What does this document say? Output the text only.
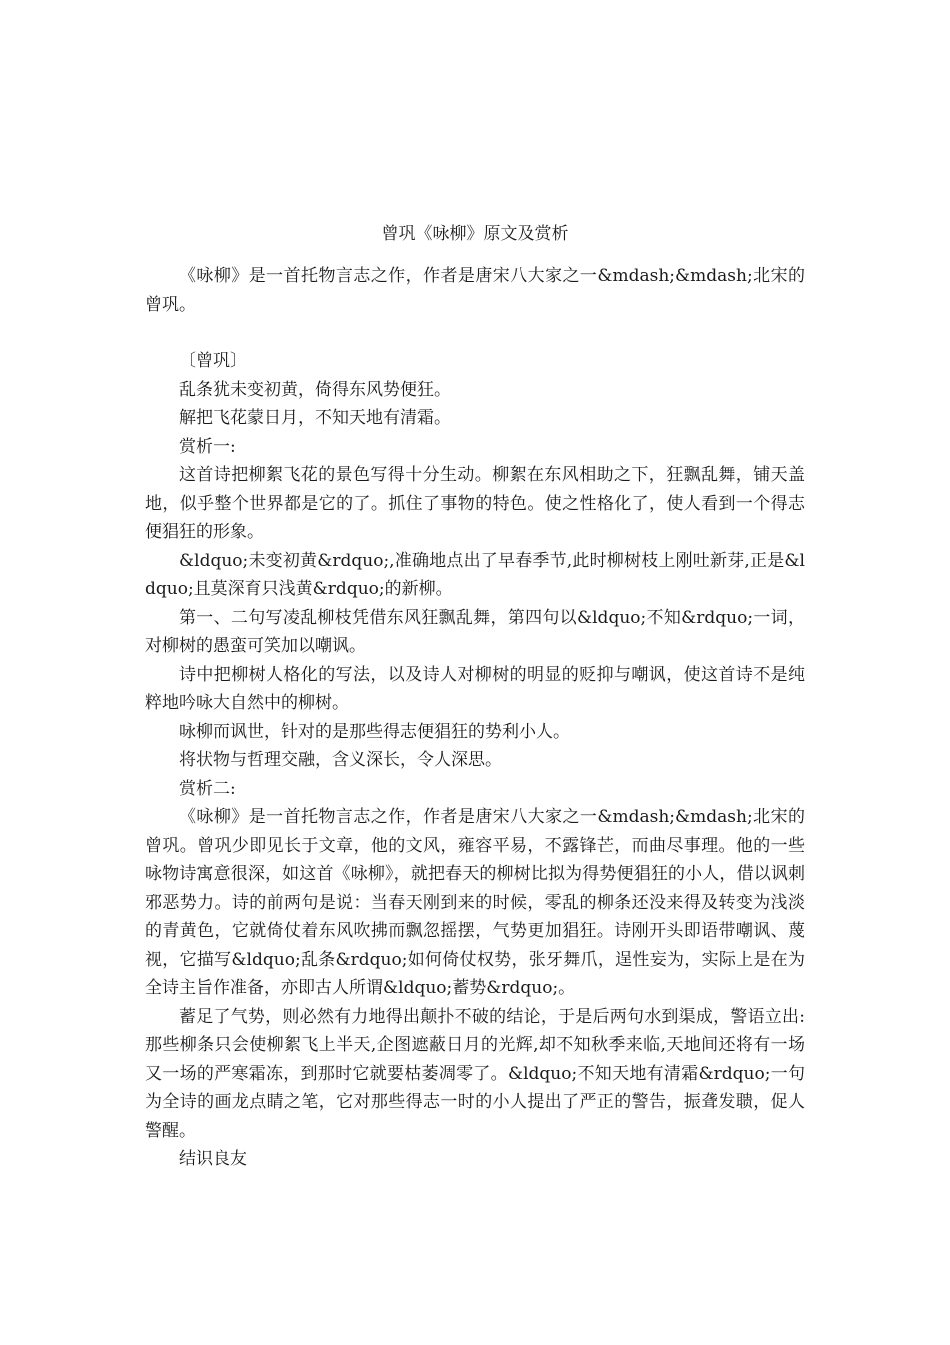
曾巩《咏柳》原文及赏析

《咏柳》是一首托物言志之作，作者是唐宋八大家之一&mdash;&mdash;北宋的曾巩。

〔曾巩〕

乱条犹未变初黄，倚得东风势便狂。

解把飞花蒙日月，不知天地有清霜。

赏析一:

这首诗把柳絮飞花的景色写得十分生动。柳絮在东风相助之下，狂飘乱舞，铺天盖地，似乎整个世界都是它的了。抓住了事物的特色。使之性格化了，使人看到一个得志便猖狂的形象。

&ldquo;未变初黄&rdquo;,准确地点出了早春季节,此时柳树枝上刚吐新芽,正是&ldquo;且莫深育只浅黄&rdquo;的新柳。

第一、二句写凌乱柳枝凭借东风狂飘乱舞，第四句以&ldquo;不知&rdquo;一词，对柳树的愚蛮可笑加以嘲讽。

诗中把柳树人格化的写法，以及诗人对柳树的明显的贬抑与嘲讽，使这首诗不是纯粹地吟咏大自然中的柳树。

咏柳而讽世，针对的是那些得志便猖狂的势利小人。

将状物与哲理交融，含义深长，令人深思。

赏析二:

《咏柳》是一首托物言志之作，作者是唐宋八大家之一&mdash;&mdash;北宋的曾巩。曾巩少即见长于文章，他的文风，雍容平易，不露锋芒，而曲尽事理。他的一些咏物诗寓意很深，如这首《咏柳》，就把春天的柳树比拟为得势便猖狂的小人，借以讽刺邪恶势力。诗的前两句是说：当春天刚到来的时候，零乱的柳条还没来得及转变为浅淡的青黄色，它就倚仗着东风吹拂而飘忽摇摆，气势更加猖狂。诗刚开头即语带嘲讽、蔑视，它描写&ldquo;乱条&rdquo;如何倚仗权势，张牙舞爪，逞性妄为，实际上是在为全诗主旨作准备，亦即古人所谓&ldquo;蓄势&rdquo;。

蓄足了气势，则必然有力地得出颠扑不破的结论，于是后两句水到渠成，警语立出:那些柳条只会使柳絮飞上半天,企图遮蔽日月的光辉,却不知秋季来临,天地间还将有一场又一场的严寒霜冻，到那时它就要枯萎凋零了。&ldquo;不知天地有清霜&rdquo;一句为全诗的画龙点睛之笔，它对那些得志一时的小人提出了严正的警告，振聋发聩，促人警醒。

结识良友
